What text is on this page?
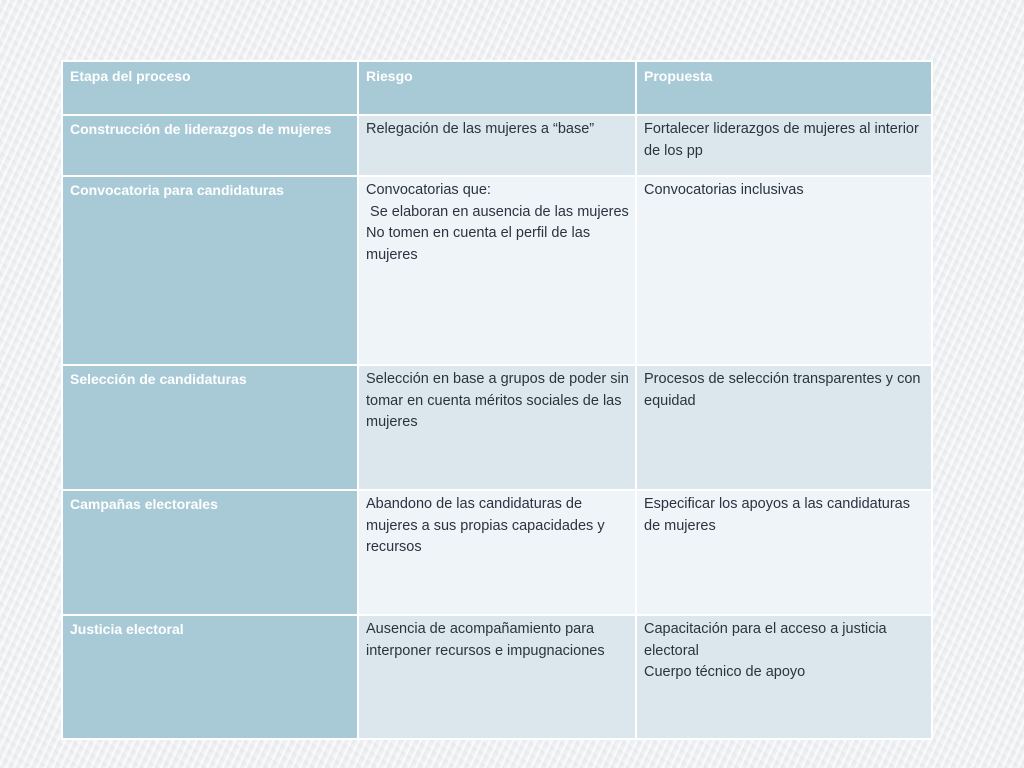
Etapa del proceso	Riesgo	Propuesta
Construcción de liderazgos de mujeres	Relegación de las mujeres a “base”	Fortalecer liderazgos de mujeres al interior de los pp

Convocatoria para candidaturas	Convocatorias que:
Se elaboran en ausencia de las mujeres
No tomen en cuenta el perfil de las mujeres	Convocatorias inclusivas

Selección de candidaturas	Selección en base a grupos de poder sin tomar en cuenta méritos sociales de las mujeres	Procesos de selección transparentes y con equidad

Campañas electorales	Abandono de las candidaturas de mujeres a sus propias capacidades y recursos	Especificar los apoyos a las candidaturas de mujeres

Justicia electoral	Ausencia de acompañamiento para interponer recursos e impugnaciones	Capacitación para el acceso a justicia electoral
Cuerpo técnico de apoyo
